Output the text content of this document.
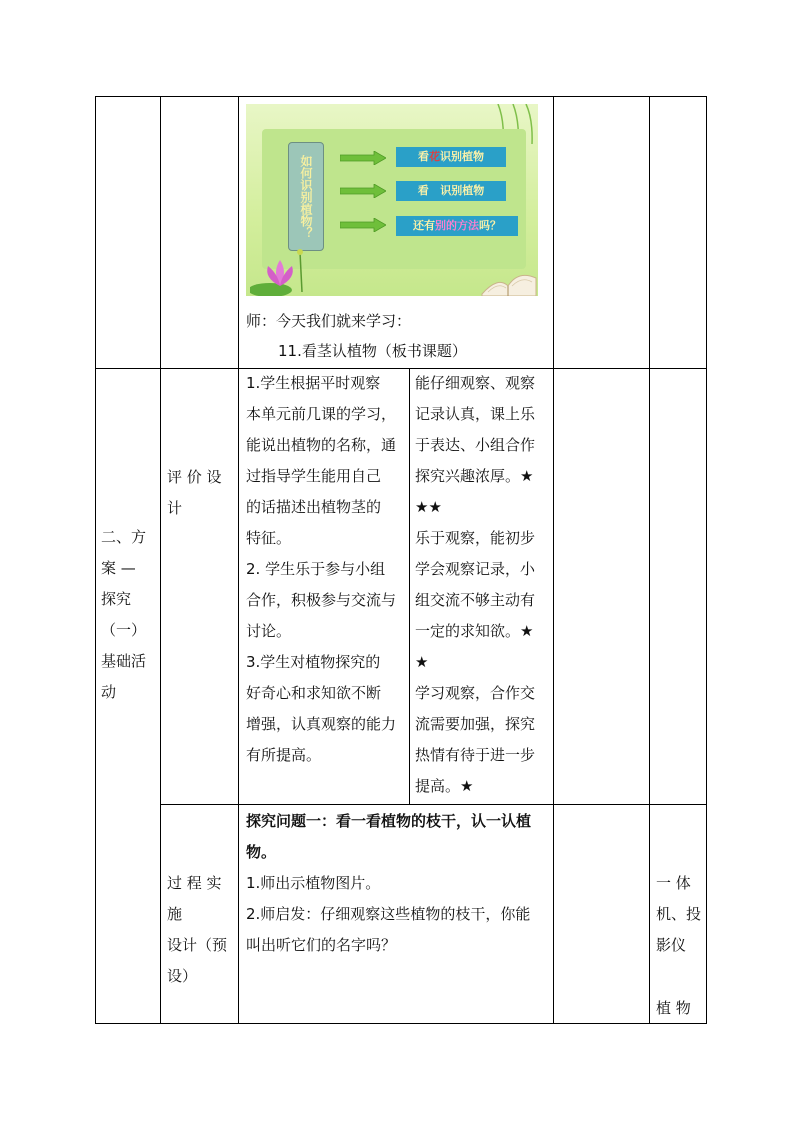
如何识别植物？	看花识别植物
看 识别植物
还有别的方法吗？
师：今天我们就来学习：
11.看茎认植物（板书课题）
二、方
案 —
探究
（一）
基础活
动
评 价 设
计
1.学生根据平时观察
本单元前几课的学习，
能说出植物的名称，通
过指导学生能用自己
的话描述出植物茎的
特征。
2. 学生乐于参与小组
合作，积极参与交流与
讨论。
3.学生对植物探究的
好奇心和求知欲不断
增强，认真观察的能力
有所提高。
能仔细观察、观察
记录认真，课上乐
于表达、小组合作
探究兴趣浓厚。★
★★
乐于观察，能初步
学会观察记录，小
组交流不够主动有
一定的求知欲。★
★
学习观察，合作交
流需要加强，探究
热情有待于进一步
提高。★
过 程 实
施
设计（预
设）
探究问题一：看一看植物的枝干，认一认植
物。
1.师出示植物图片。
2.师启发：仔细观察这些植物的枝干，你能
叫出听它们的名字吗？
一 体
机、投
影仪
植 物
